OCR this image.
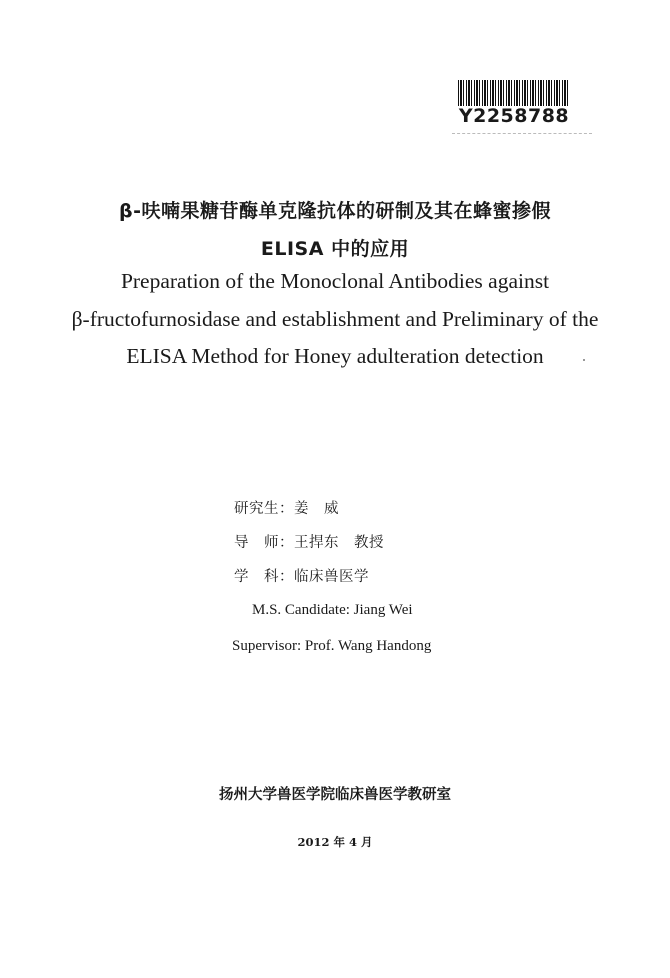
Y2258788
β-呋喃果糖苷酶单克隆抗体的研制及其在蜂蜜掺假
ELISA 中的应用
Preparation of the Monoclonal Antibodies against
β-fructofurnosidase and establishment and Preliminary of the
ELISA Method for Honey adulteration detection
研究生：姜　威
导　师：王捍东　教授
学　科：临床兽医学
M.S. Candidate: Jiang Wei
Supervisor: Prof. Wang Handong
扬州大学兽医学院临床兽医学教研室
2012 年 4 月
